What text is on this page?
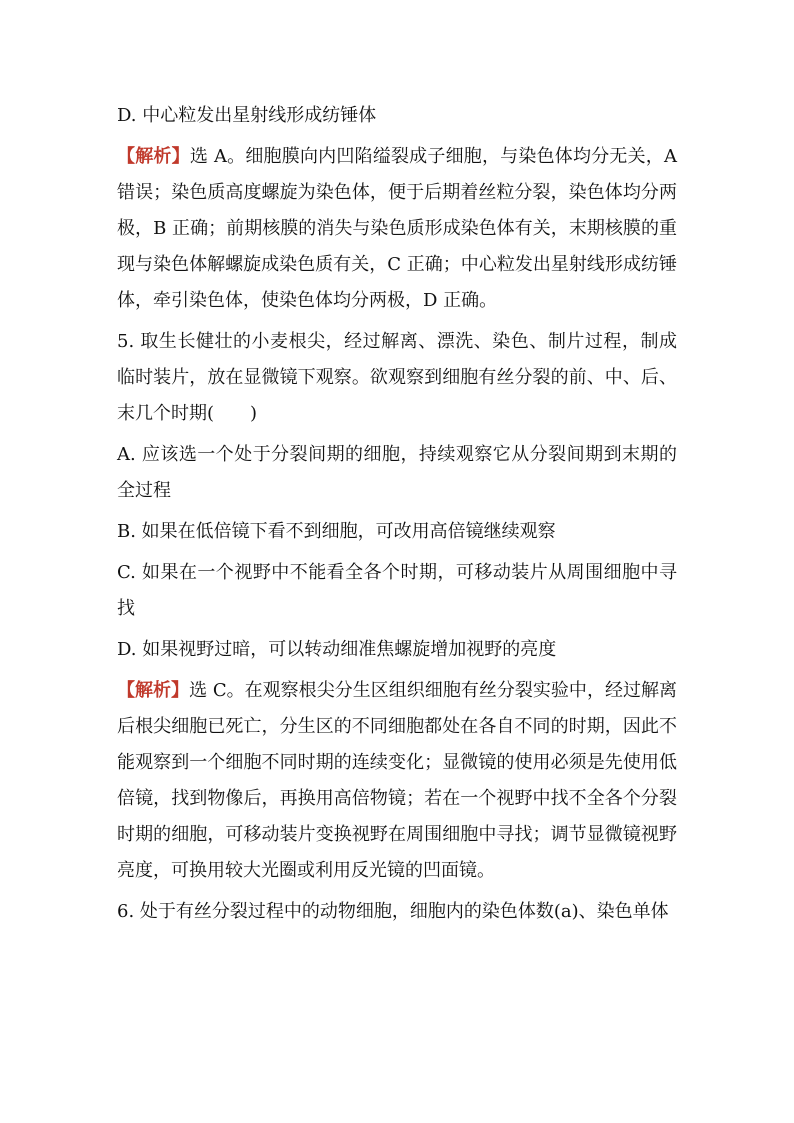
D. 中心粒发出星射线形成纺锤体

【解析】选 A。细胞膜向内凹陷缢裂成子细胞，与染色体均分无关，A 错误；染色质高度螺旋为染色体，便于后期着丝粒分裂，染色体均分两极，B 正确；前期核膜的消失与染色质形成染色体有关，末期核膜的重现与染色体解螺旋成染色质有关，C 正确；中心粒发出星射线形成纺锤体，牵引染色体，使染色体均分两极，D 正确。

5. 取生长健壮的小麦根尖，经过解离、漂洗、染色、制片过程，制成临时装片，放在显微镜下观察。欲观察到细胞有丝分裂的前、中、后、末几个时期(　　)

A. 应该选一个处于分裂间期的细胞，持续观察它从分裂间期到末期的全过程

B. 如果在低倍镜下看不到细胞，可改用高倍镜继续观察

C. 如果在一个视野中不能看全各个时期，可移动装片从周围细胞中寻找

D. 如果视野过暗，可以转动细准焦螺旋增加视野的亮度

【解析】选 C。在观察根尖分生区组织细胞有丝分裂实验中，经过解离后根尖细胞已死亡，分生区的不同细胞都处在各自不同的时期，因此不能观察到一个细胞不同时期的连续变化；显微镜的使用必须是先使用低倍镜，找到物像后，再换用高倍物镜；若在一个视野中找不全各个分裂时期的细胞，可移动装片变换视野在周围细胞中寻找；调节显微镜视野亮度，可换用较大光圈或利用反光镜的凹面镜。

6. 处于有丝分裂过程中的动物细胞，细胞内的染色体数(a)、染色单体
